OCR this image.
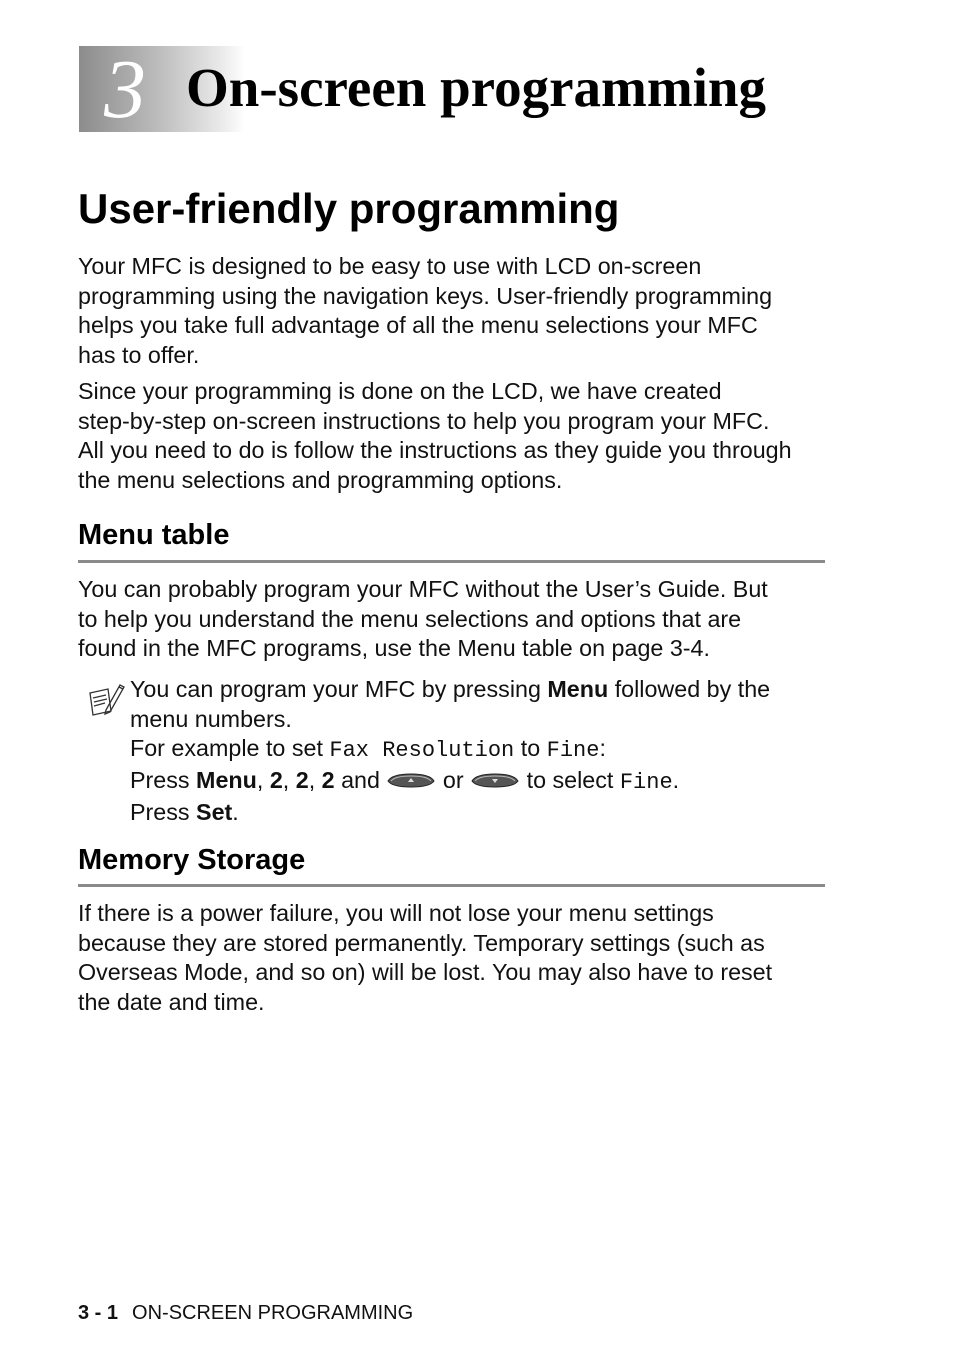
3 On-screen programming
User-friendly programming

Your MFC is designed to be easy to use with LCD on-screen
programming using the navigation keys. User-friendly programming
helps you take full advantage of all the menu selections your MFC
has to offer.

Since your programming is done on the LCD, we have created
step-by-step on-screen instructions to help you program your MFC.
All you need to do is follow the instructions as they guide you through
the menu selections and programming options.

Menu table

You can probably program your MFC without the User’s Guide. But
to help you understand the menu selections and options that are
found in the MFC programs, use the Menu table on page 3-4.

You can program your MFC by pressing Menu followed by the
menu numbers.
For example to set Fax Resolution to Fine:
Press Menu, 2, 2, 2 and  or  to select Fine.
Press Set.

Memory Storage

If there is a power failure, you will not lose your menu settings
because they are stored permanently. Temporary settings (such as
Overseas Mode, and so on) will be lost. You may also have to reset
the date and time.

3 - 1 ON-SCREEN PROGRAMMING
